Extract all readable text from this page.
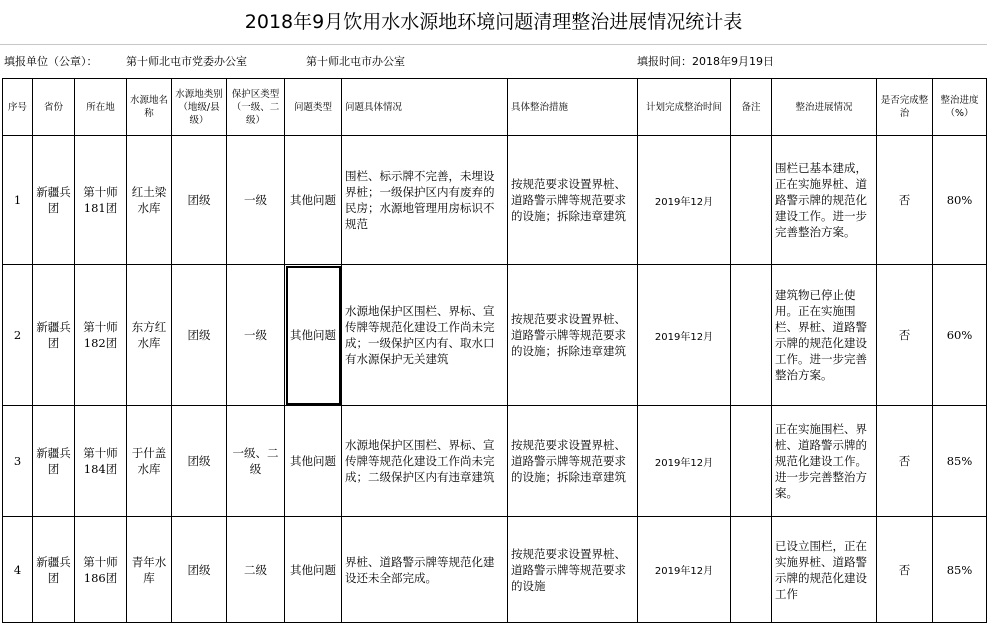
2018年9月饮用水水源地环境问题清理整治进展情况统计表
填报单位（公章）：	第十师北屯市党委办公室	第十师北屯市办公室	填报时间：2018年9月19日
序号	省份	所在地	水源地名称	水源地类别（地级/县级）	保护区类型（一级、二级）	问题类型	问题具体情况	具体整治措施	计划完成整治时间	备注	整治进展情况	是否完成整治	整治进度（%）
1	新疆兵团	第十师181团	红土梁水库	团级	一级	其他问题	围栏、标示牌不完善，未埋设界桩；一级保护区内有废弃的民房；水源地管理用房标识不规范	按规范要求设置界桩、道路警示牌等规范要求的设施；拆除违章建筑	2019年12月		围栏已基本建成，正在实施界桩、道路警示牌的规范化建设工作。进一步完善整治方案。	否	80%
2	新疆兵团	第十师182团	东方红水库	团级	一级	其他问题	水源地保护区围栏、界标、宣传牌等规范化建设工作尚未完成；一级保护区内有、取水口有水源保护无关建筑	按规范要求设置界桩、道路警示牌等规范要求的设施；拆除违章建筑	2019年12月		建筑物已停止使用。正在实施围栏、界桩、道路警示牌的规范化建设工作。进一步完善整治方案。	否	60%
3	新疆兵团	第十师184团	于什盖水库	团级	一级、二级	其他问题	水源地保护区围栏、界标、宣传牌等规范化建设工作尚未完成；二级保护区内有违章建筑	按规范要求设置界桩、道路警示牌等规范要求的设施；拆除违章建筑	2019年12月		正在实施围栏、界桩、道路警示牌的规范化建设工作。进一步完善整治方案。	否	85%
4	新疆兵团	第十师186团	青年水库	团级	二级	其他问题	界桩、道路警示牌等规范化建设还未全部完成。	按规范要求设置界桩、道路警示牌等规范要求的设施	2019年12月		已设立围栏，正在实施界桩、道路警示牌的规范化建设工作	否	85%
